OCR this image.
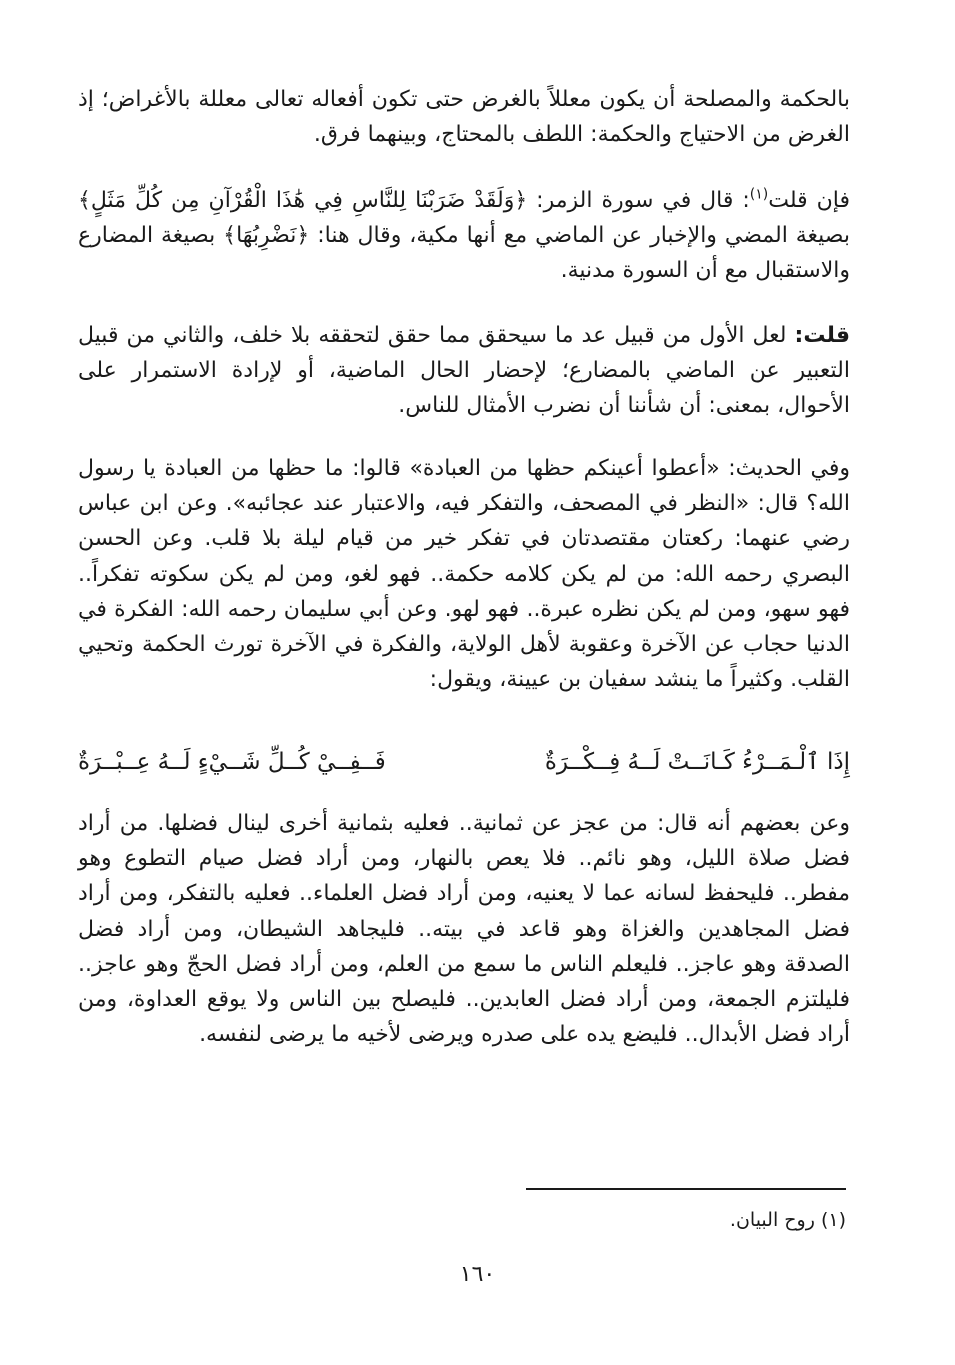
بالحكمة والمصلحة أن يكون معللاً بالغرض حتى تكون أفعاله تعالى معللة بالأغراض؛ إذ الغرض من الاحتياج والحكمة: اللطف بالمحتاج، وبينهما فرق.
فإن قلت$^{(١)}$: قال في سورة الزمر: ﴿وَلَقَدْ ضَرَبْنَا لِلنَّاسِ فِي هَٰذَا الْقُرْآنِ مِن كُلِّ مَثَلٍ﴾ بصيغة المضي والإخبار عن الماضي مع أنها مكية، وقال هنا: ﴿نَضْرِبُهَا﴾ بصيغة المضارع والاستقبال مع أن السورة مدنية.
قلت: لعل الأول من قبيل عد ما سيحقق مما حقق لتحققه بلا خلف، والثاني من قبيل التعبير عن الماضي بالمضارع؛ لإحضار الحال الماضية، أو لإرادة الاستمرار على الأحوال، بمعنى: أن شأننا أن نضرب الأمثال للناس.
وفي الحديث: «أعطوا أعينكم حظها من العبادة» قالوا: ما حظها من العبادة يا رسول الله؟ قال: «النظر في المصحف، والتفكر فيه، والاعتبار عند عجائبه». وعن ابن عباس رضي عنهما: ركعتان مقتصدتان في تفكر خير من قيام ليلة بلا قلب. وعن الحسن البصري رحمه الله: من لم يكن كلامه حكمة.. فهو لغو، ومن لم يكن سكوته تفكراً.. فهو سهو، ومن لم يكن نظره عبرة.. فهو لهو. وعن أبي سليمان رحمه الله: الفكرة في الدنيا حجاب عن الآخرة وعقوبة لأهل الولاية، والفكرة في الآخرة تورث الحكمة وتحيي القلب. وكثيراً ما ينشد سفيان بن عيينة، ويقول:
إِذَا ٱلْـمَــرْءُ كَـانَــتْ لَــهُ فِــكْــرَةٌ
فَــفِــيْ كُــلِّ شَــيْءٍ لَــهُ عِــبْــرَةٌ
وعن بعضهم أنه قال: من عجز عن ثمانية.. فعليه بثمانية أخرى لينال فضلها. من أراد فضل صلاة الليل، وهو نائم.. فلا يعص بالنهار، ومن أراد فضل صيام التطوع وهو مفطر.. فليحفظ لسانه عما لا يعنيه، ومن أراد فضل العلماء.. فعليه بالتفكر، ومن أراد فضل المجاهدين والغزاة وهو قاعد في بيته.. فليجاهد الشيطان، ومن أراد فضل الصدقة وهو عاجز.. فليعلم الناس ما سمع من العلم، ومن أراد فضل الحجّ وهو عاجز.. فليلتزم الجمعة، ومن أراد فضل العابدين.. فليصلح بين الناس ولا يوقع العداوة، ومن أراد فضل الأبدال.. فليضع يده على صدره ويرضى لأخيه ما يرضى لنفسه.
(١) روح البيان.
١٦٠
